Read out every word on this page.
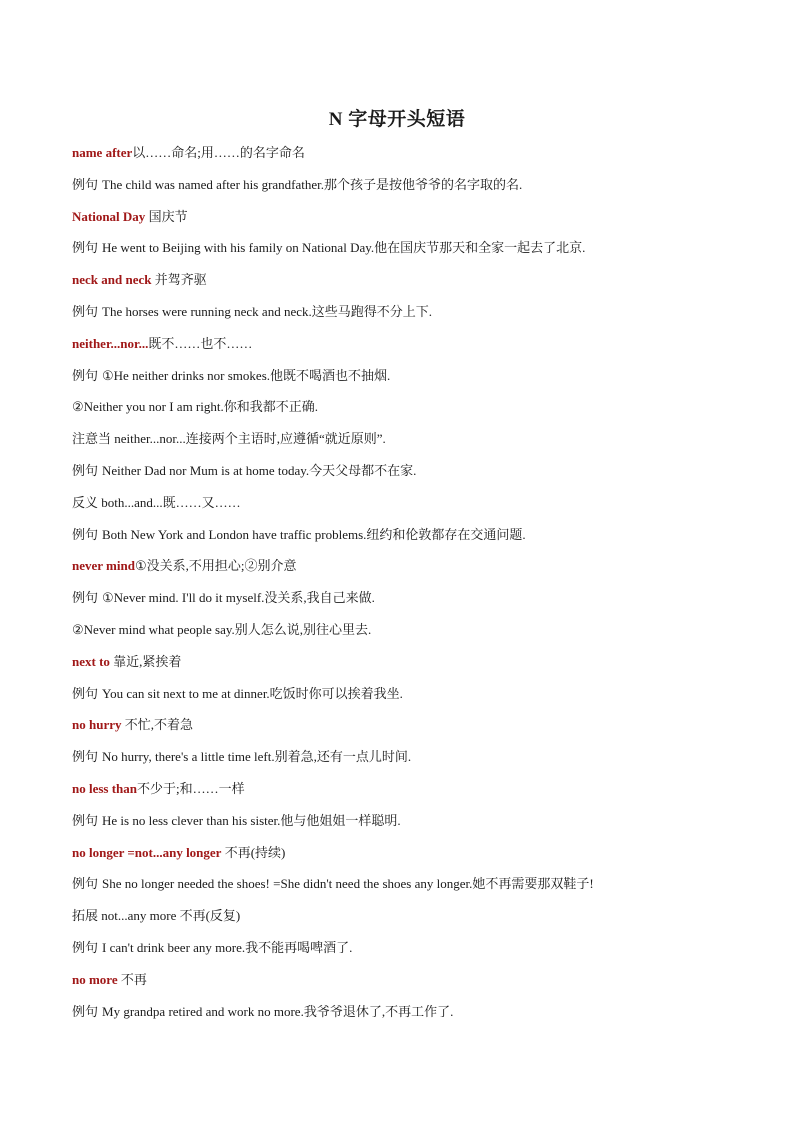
N 字母开头短语
name after以……命名;用……的名字命名
例句 The child was named after his grandfather.那个孩子是按他爷爷的名字取的名.
National Day 国庆节
例句 He went to Beijing with his family on National Day.他在国庆节那天和全家一起去了北京.
neck and neck 并驾齐驱
例句 The horses were running neck and neck.这些马跑得不分上下.
neither...nor...既不……也不……
例句 ①He neither drinks nor smokes.他既不喝酒也不抽烟.
②Neither you nor I am right.你和我都不正确.
注意当 neither...nor...连接两个主语时,应遵循“就近原则”.
例句 Neither Dad nor Mum is at home today.今天父母都不在家.
反义 both...and...既……又……
例句 Both New York and London have traffic problems.纽约和伦敦都存在交通问题.
never mind①没关系,不用担心;②别介意
例句 ①Never mind. I'll do it myself.没关系,我自己来做.
②Never mind what people say.别人怎么说,别往心里去.
next to 靠近,紧挨着
例句 You can sit next to me at dinner.吃饭时你可以挨着我坐.
no hurry 不忙,不着急
例句 No hurry, there's a little time left.别着急,还有一点儿时间.
no less than不少于;和……一样
例句 He is no less clever than his sister.他与他姐姐一样聪明.
no longer =not...any longer 不再(持续)
例句 She no longer needed the shoes! =She didn't need the shoes any longer.她不再需要那双鞋子!
拓展 not...any more 不再(反复)
例句 I can't drink beer any more.我不能再喝啤酒了.
no more 不再
例句 My grandpa retired and work no more.我爷爷退休了,不再工作了.
